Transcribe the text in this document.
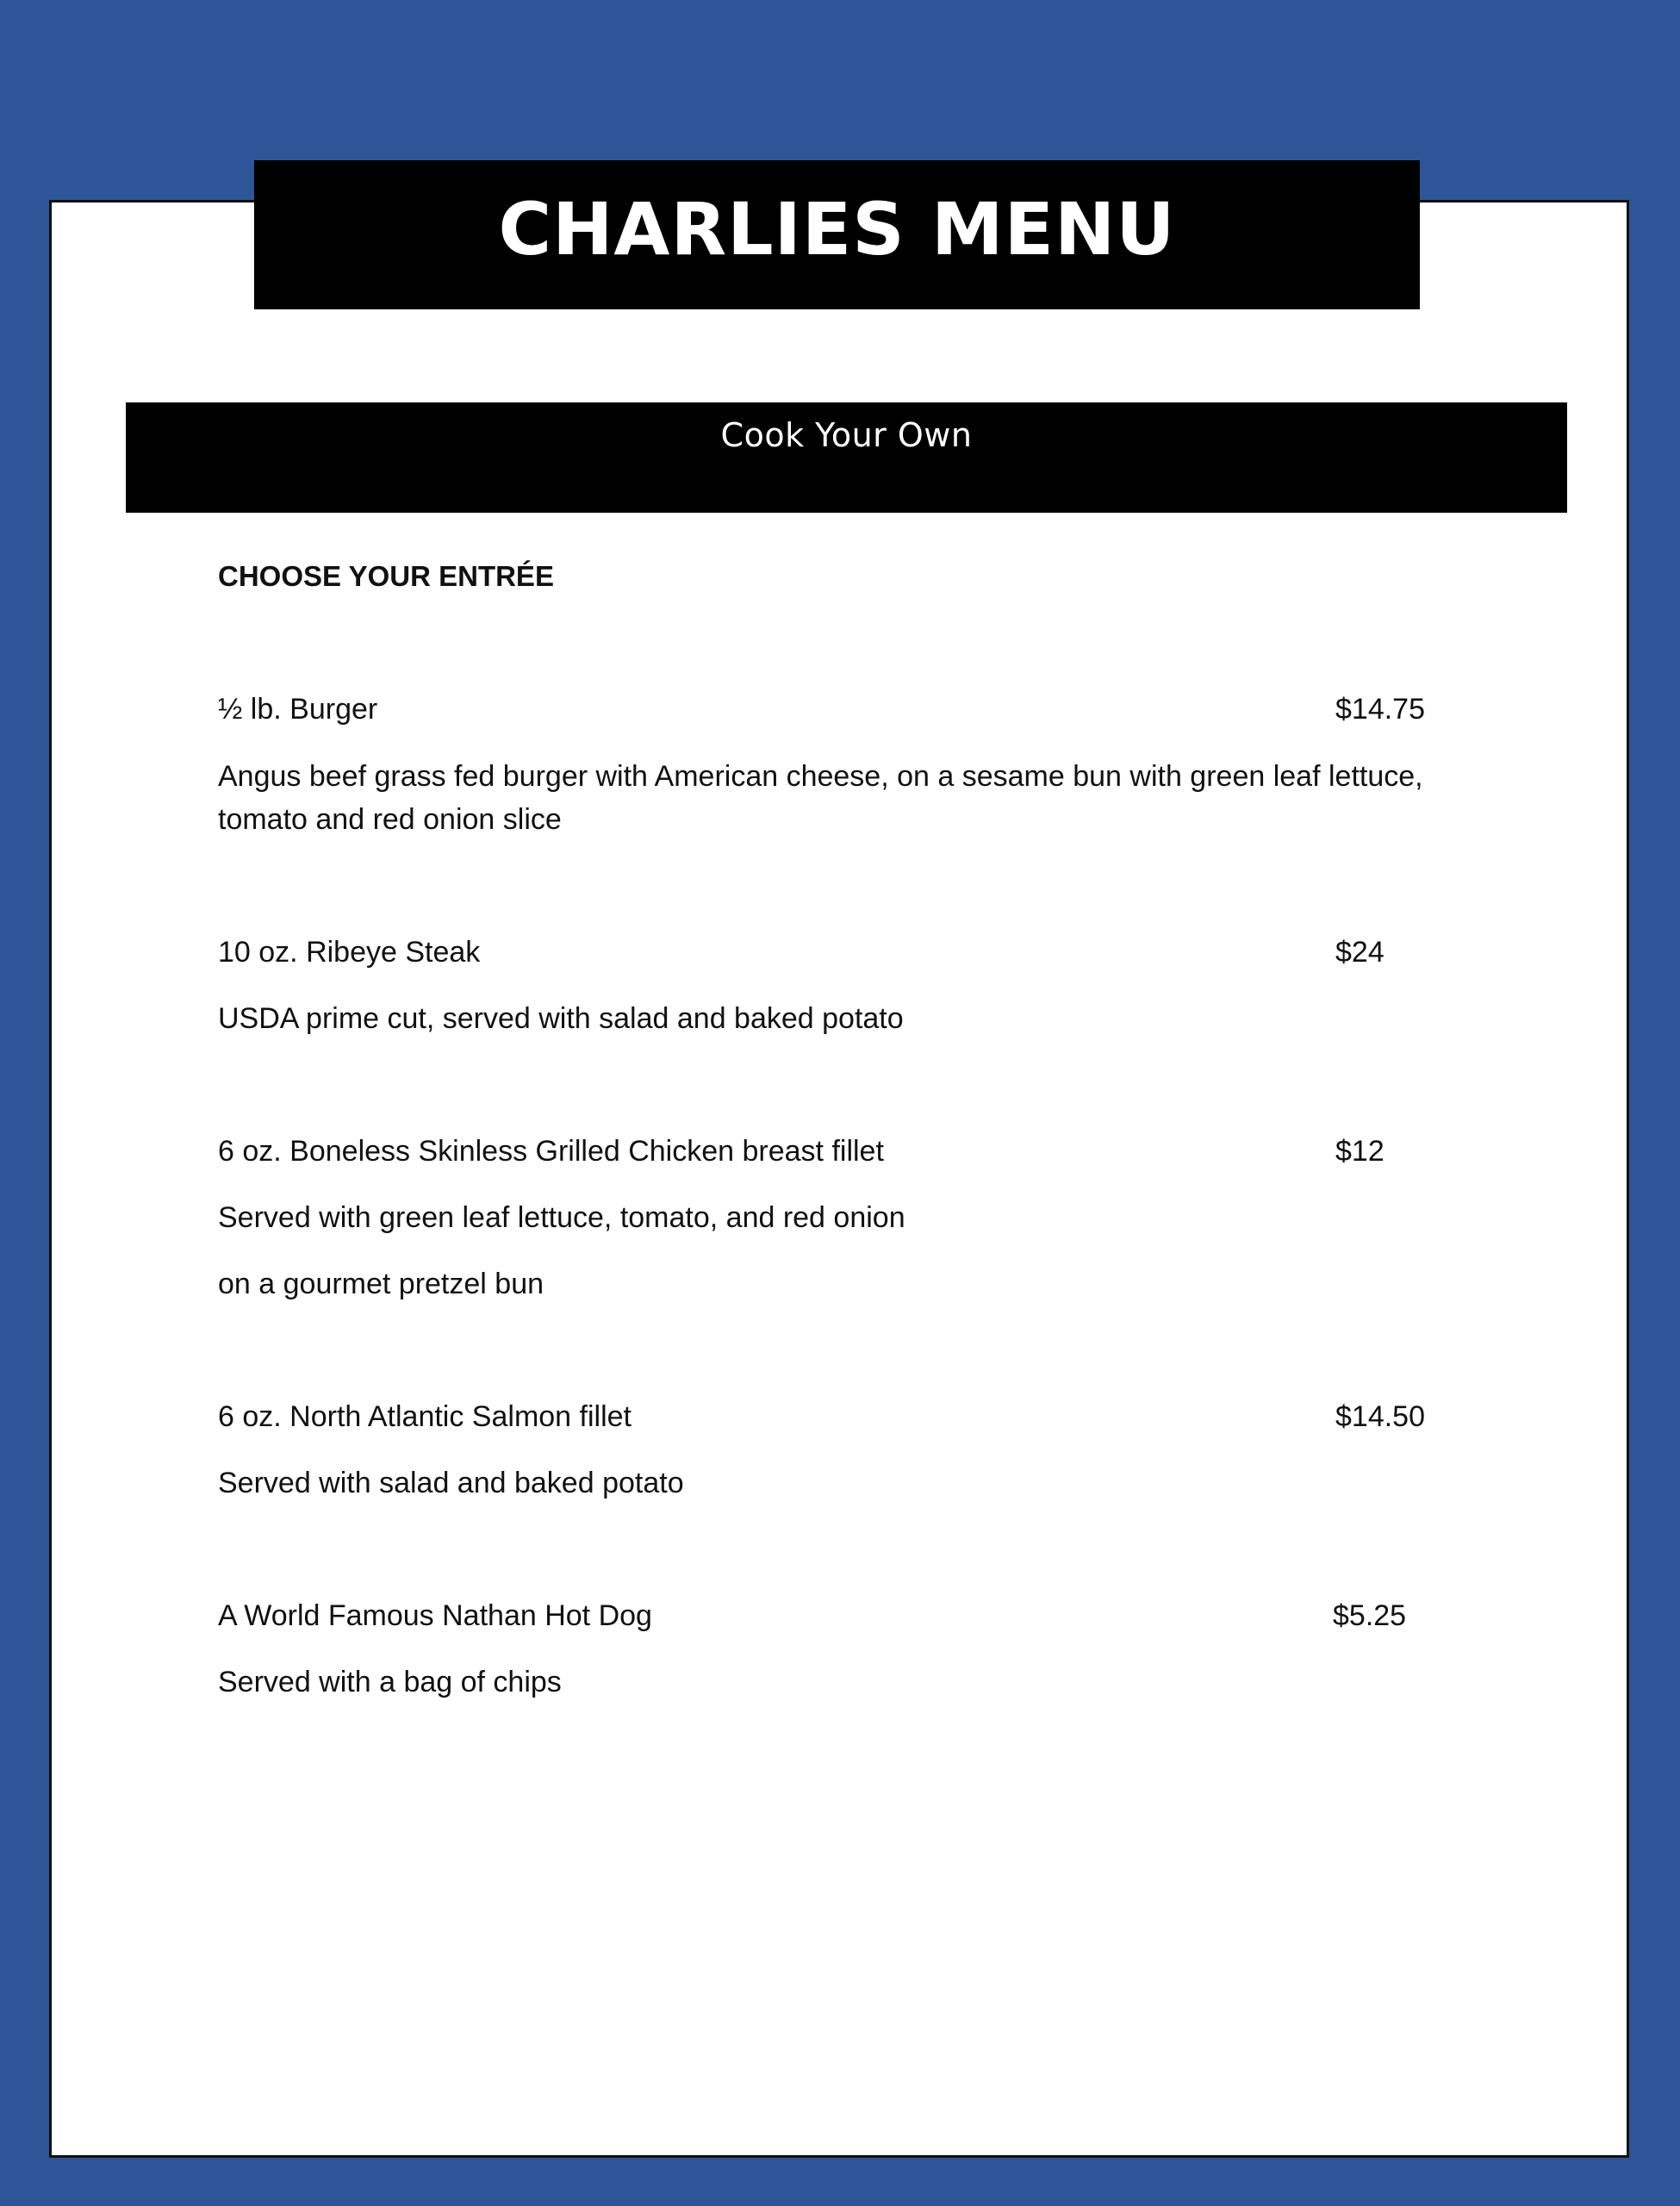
CHARLIES MENU
Cook Your Own
CHOOSE YOUR ENTRÉE
½ lb. Burger	$14.75
Angus beef grass fed burger with American cheese, on a sesame bun with green leaf lettuce,
tomato and red onion slice
10 oz. Ribeye Steak	$24
USDA prime cut, served with salad and baked potato
6 oz. Boneless Skinless Grilled Chicken breast fillet	$12
Served with green leaf lettuce, tomato, and red onion
on a gourmet pretzel bun
6 oz. North Atlantic Salmon fillet	$14.50
Served with salad and baked potato
A World Famous Nathan Hot Dog	$5.25
Served with a bag of chips
